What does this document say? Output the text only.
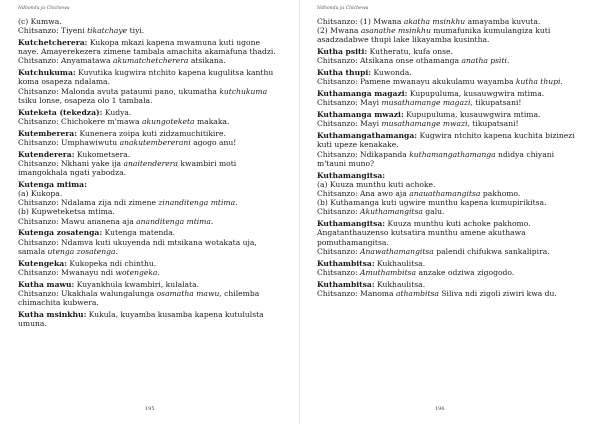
Ndhondu ja Chichewa

(c) Kumwa.

Chitsanzo: Tiyeni tikatchaye tiyi.

Kutchetcherera: Kukopa mkazi kapena mwamuna kuti ugone naye. Amayerekezera zimene tambala amachita akamafuna thadzi.

Chitsanzo: Anyamatawa akumatchetcherera atsikana.

Kutchukuma: Kuvutika kugwira ntchito kapena kugulitsa kanthu koma osapeza ndalama.

Chitsanzo: Malonda avuta pataumi pano, ukumatha kutchukuma tsiku lonse, osapeza olo 1 tambala.

Kuteketa (tekedza): Kudya.

Chitsanzo: Chichokere m'mawa akungoteketa makaka.

Kutemberera: Kunenera zoipa kuti zidzamuchitikire.

Chitsanzo: Umphawiwutu anakutembererani agogo anu!

Kutenderera: Kukometsera.

Chitsanzo: Nkhani yake ija anaitenderera kwambiri moti imangokhala ngati yabodza.

Kutenga mtima:

(a) Kukopa.

Chitsanzo: Ndalama zija ndi zimene zinanditenga mtima.

(b) Kupweteketsa mtima.

Chitsanzo: Mawu ananena aja ananditenga mtima.

Kutenga zosatenga: Kutenga matenda.

Chitsanzo: Ndamva kuti ukuyenda ndi mtsikana wotakata uja, samala utenga zosatenga.

Kutengeka: Kukopeka ndi chinthu.

Chitsanzo: Mwanayu ndi wotengeka.

Kutha mawu: Kuyankhula kwambiri, kulalata.

Chitsanzo: Ukakhala walungalunga osamatha mawu, chilemba chimachita kubwera.

Kutha msinkhu: Kukula, kuyamba kusamba kapena kutululsta umuna.

195
Ndhondu ja Chichewa

Chitsanzo: (1) Mwana akatha msinkhu amayamba kuvuta.

(2) Mwana asanathe msinkhu mumafunika kumulangiza kuti asadzadabwe thupi lake likayamba kusintha.

Kutha psiti: Kutheratu, kufa onse.

Chitsanzo: Atsikana onse othamanga anatha psiti.

Kutha thupi: Kuwonda.

Chitsanzo: Pamene mwanayu akukulamu wayamba kutha thupi.

Kuthamanga magazi: Kupupuluma, kusauwgwira mtima.

Chitsanzo: Mayi musathamange magazi, tikupatsani!

Kuthamanga mwazi: Kupupuluma, kusauwgwira mtima.

Chitsanzo: Mayi musathamange mwazi, tikupatsani!

Kuthamangathamanga: Kugwira ntchito kapena kuchita bizinezi kuti upeze kenakake.

Chitsanzo: Ndikapanda kuthamangathamanga ndidya chiyani m'tauni muno?

Kuthamangitsa:

(a) Kuuza munthu kuti achoke.

Chitsanzo: Ana awo aja anauathamangitsa pakhomo.

(b) Kuthamanga kuti ugwire munthu kapena kumupirikitsa.

Chitsanzo: Akuthamangitsa galu.

Kuthamangitsa: Kuuza munthu kuti achoke pakhomo. Angatanthauzenso kutsatira munthu amene akuthawa pomuthamangitsa.

Chitsanzo: Anawathamangitsa palendi chifukwa sankalipira.

Kuthambitsa: Kukhaulitsa.

Chitsanzo: Amuthambitsa anzake odziwa zigogodo.

Kuthambitsa: Kukhaulitsa.

Chitsanzo: Manoma athambitsa Siliva ndi zigoli ziwiri kwa du.

196
